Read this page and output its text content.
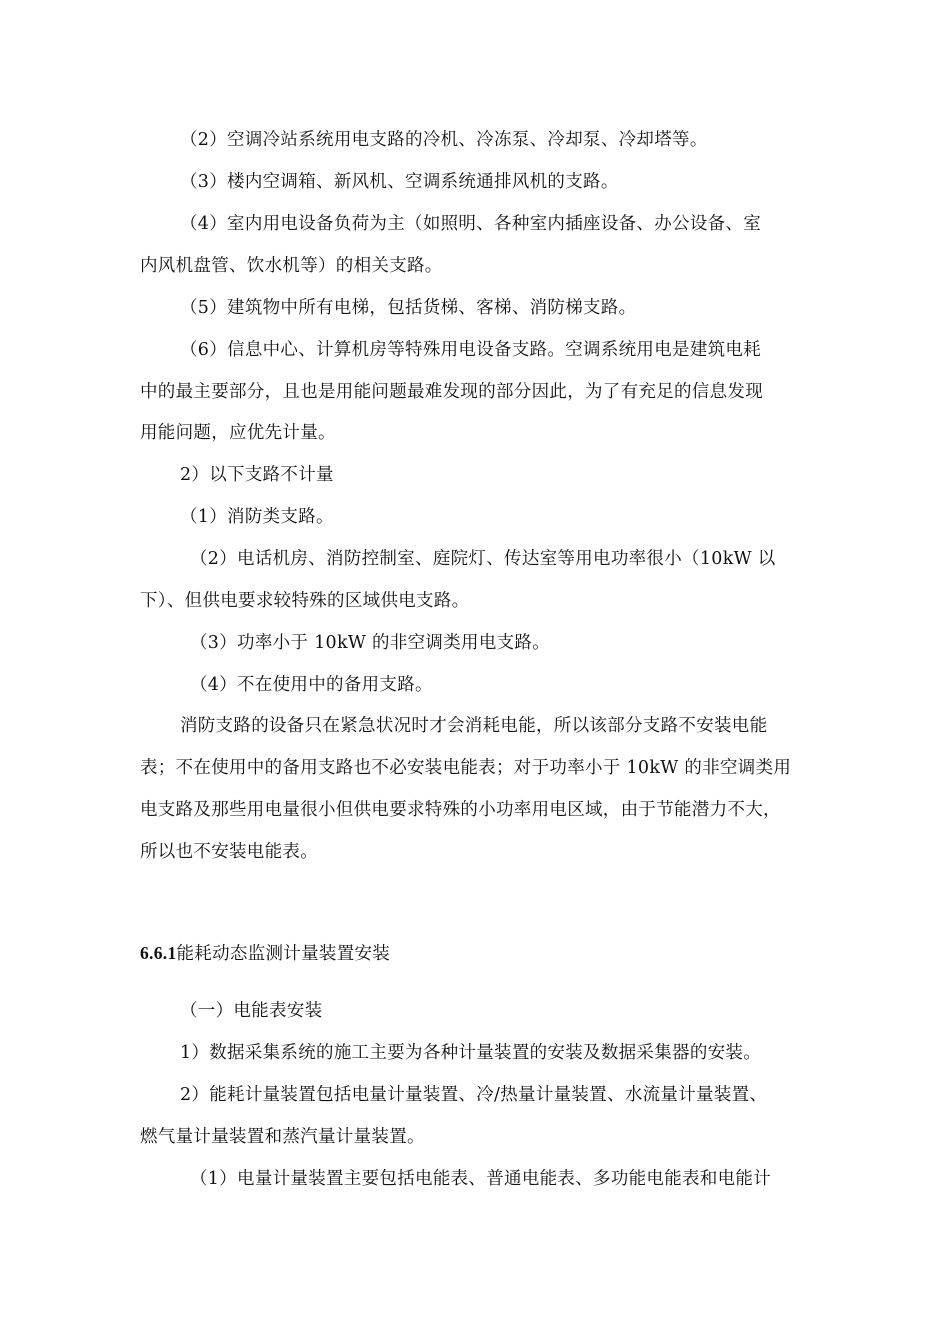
（2）空调冷站系统用电支路的冷机、冷冻泵、冷却泵、冷却塔等。
（3）楼内空调箱、新风机、空调系统通排风机的支路。
（4）室内用电设备负荷为主（如照明、各种室内插座设备、办公设备、室
内风机盘管、饮水机等）的相关支路。
（5）建筑物中所有电梯，包括货梯、客梯、消防梯支路。
（6）信息中心、计算机房等特殊用电设备支路。空调系统用电是建筑电耗
中的最主要部分，且也是用能问题最难发现的部分因此，为了有充足的信息发现
用能问题，应优先计量。
2）以下支路不计量
（1）消防类支路。
（2）电话机房、消防控制室、庭院灯、传达室等用电功率很小（10kW 以
下）、但供电要求较特殊的区域供电支路。
（3）功率小于 10kW 的非空调类用电支路。
（4）不在使用中的备用支路。
消防支路的设备只在紧急状况时才会消耗电能，所以该部分支路不安装电能
表；不在使用中的备用支路也不必安装电能表；对于功率小于 10kW 的非空调类用
电支路及那些用电量很小但供电要求特殊的小功率用电区域，由于节能潜力不大，
所以也不安装电能表。
6.6.1能耗动态监测计量装置安装
（一）电能表安装
1）数据采集系统的施工主要为各种计量装置的安装及数据采集器的安装。
2）能耗计量装置包括电量计量装置、冷/热量计量装置、水流量计量装置、
燃气量计量装置和蒸汽量计量装置。
（1）电量计量装置主要包括电能表、普通电能表、多功能电能表和电能计
